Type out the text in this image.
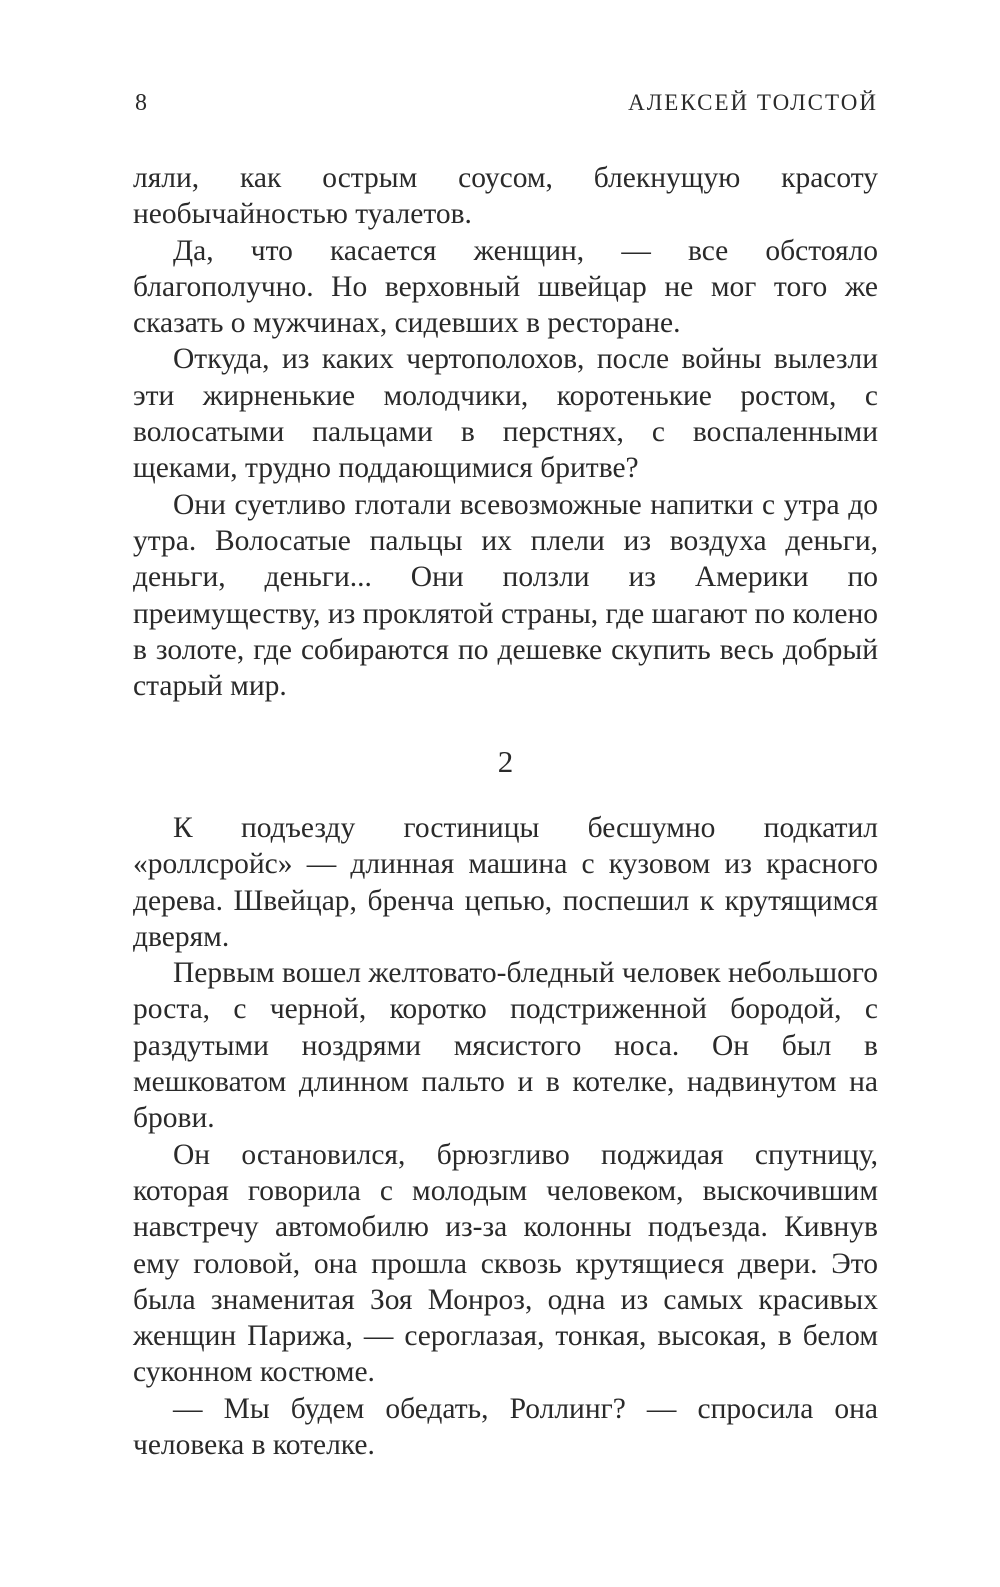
8	АЛЕКСЕЙ ТОЛСТОЙ

ляли, как острым соусом, блекнущую красоту необычайностью туалетов.

Да, что касается женщин, — все обстояло благополучно. Но верховный швейцар не мог того же сказать о мужчинах, сидевших в ресторане.

Откуда, из каких чертополохов, после войны вылезли эти жирненькие молодчики, коротенькие ростом, с волосатыми пальцами в перстнях, с воспаленными щеками, трудно поддающимися бритве?

Они суетливо глотали всевозможные напитки с утра до утра. Волосатые пальцы их плели из воздуха деньги, деньги, деньги... Они ползли из Америки по преимуществу, из проклятой страны, где шагают по колено в золоте, где собираются по дешевке скупить весь добрый старый мир.

2

К подъезду гостиницы бесшумно подкатил «роллсройс» — длинная машина с кузовом из красного дерева. Швейцар, бренча цепью, поспешил к крутящимся дверям.

Первым вошел желтовато-бледный человек небольшого роста, с черной, коротко подстриженной бородой, с раздутыми ноздрями мясистого носа. Он был в мешковатом длинном пальто и в котелке, надвинутом на брови.

Он остановился, брюзгливо поджидая спутницу, которая говорила с молодым человеком, выскочившим навстречу автомобилю из-за колонны подъезда. Кивнув ему головой, она прошла сквозь крутящиеся двери. Это была знаменитая Зоя Монроз, одна из самых красивых женщин Парижа, — сероглазая, тонкая, высокая, в белом суконном костюме.

— Мы будем обедать, Роллинг? — спросила она человека в котелке.
